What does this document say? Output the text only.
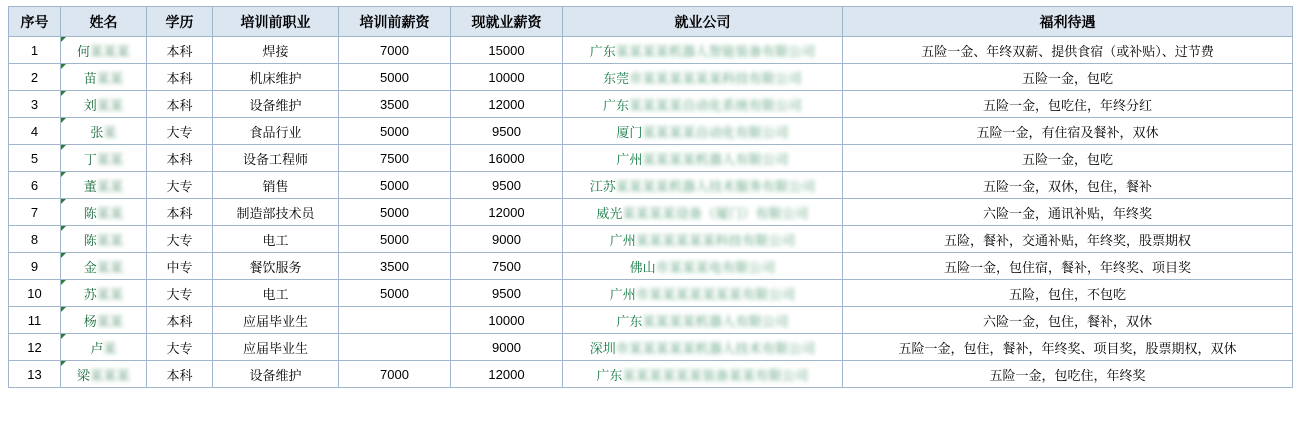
序号	姓名	学历	培训前职业	培训前薪资	现就业薪资	就业公司	福利待遇
1	何某某某	本科	焊接	7000	15000	广东某某某某机器人智能装备有限公司	五险一金、年终双薪、提供食宿（或补贴）、过节费
2	苗某某	本科	机床维护	5000	10000	东莞市某某某某某某科技有限公司	五险一金，包吃
3	刘某某	本科	设备维护	3500	12000	广东某某某某自动化系统有限公司	五险一金，包吃住，年终分红
4	张某	大专	食品行业	5000	9500	厦门某某某某自动化有限公司	五险一金，有住宿及餐补，双休
5	丁某某	本科	设备工程师	7500	16000	广州某某某某机器人有限公司	五险一金，包吃
6	董某某	大专	销售	5000	9500	江苏某某某某机器人技术服务有限公司	五险一金，双休，包住，餐补
7	陈某某	本科	制造部技术员	5000	12000	威光某某某某设备（厦门）有限公司	六险一金，通讯补贴，年终奖
8	陈某某	大专	电工	5000	9000	广州某某某某某某科技有限公司	五险，餐补，交通补贴，年终奖，股票期权
9	金某某	中专	餐饮服务	3500	7500	佛山市某某某电有限公司	五险一金，包住宿，餐补，年终奖、项目奖
10	苏某某	大专	电工	5000	9500	广州市某某某某某某某有限公司	五险，包住，不包吃
11	杨某某	本科	应届毕业生		10000	广东某某某某机器人有限公司	六险一金，包住，餐补，双休
12	卢某	大专	应届毕业生		9000	深圳市某某某某某机器人技术有限公司	五险一金，包住，餐补，年终奖、项目奖，股票期权，双休
13	梁某某某	本科	设备维护	7000	12000	广东某某某某某某装备某某有限公司	五险一金，包吃住，年终奖
